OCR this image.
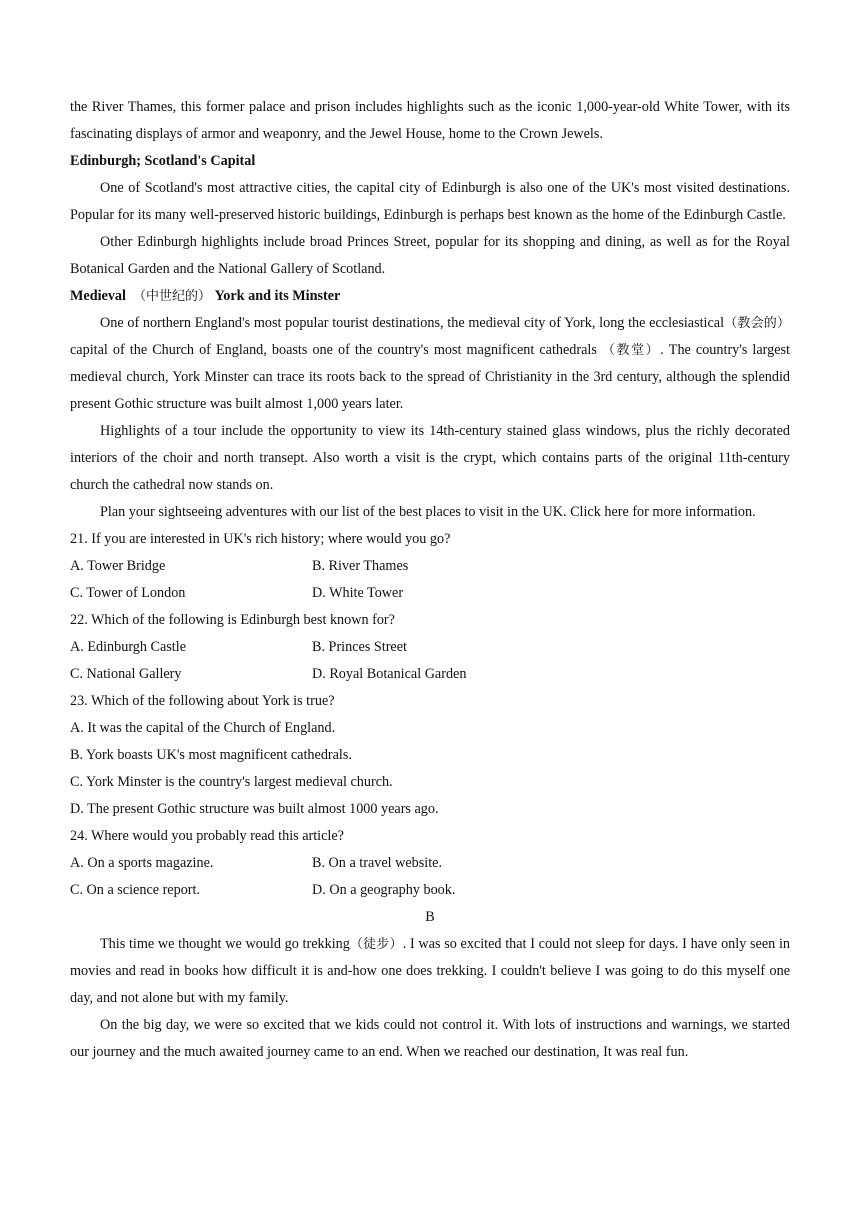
the River Thames, this former palace and prison includes highlights such as the iconic 1,000-year-old White Tower, with its fascinating displays of armor and weaponry, and the Jewel House, home to the Crown Jewels.

Edinburgh; Scotland's Capital

One of Scotland's most attractive cities, the capital city of Edinburgh is also one of the UK's most visited destinations. Popular for its many well-preserved historic buildings, Edinburgh is perhaps best known as the home of the Edinburgh Castle.

Other Edinburgh highlights include broad Princes Street, popular for its shopping and dining, as well as for the Royal Botanical Garden and the National Gallery of Scotland.

Medieval （中世纪的） York and its Minster

One of northern England's most popular tourist destinations, the medieval city of York, long the ecclesiastical（教会的） capital of the Church of England, boasts one of the country's most magnificent cathedrals （教堂）. The country's largest medieval church, York Minster can trace its roots back to the spread of Christianity in the 3rd century, although the splendid present Gothic structure was built almost 1,000 years later.

Highlights of a tour include the opportunity to view its 14th-century stained glass windows, plus the richly decorated interiors of the choir and north transept. Also worth a visit is the crypt, which contains parts of the original 11th-century church the cathedral now stands on.

Plan your sightseeing adventures with our list of the best places to visit in the UK. Click here for more information.

21. If you are interested in UK's rich history; where would you go?

A. Tower Bridge	B. River Thames
C. Tower of London	D. White Tower

22. Which of the following is Edinburgh best known for?

A. Edinburgh Castle	B. Princes Street
C. National Gallery	D. Royal Botanical Garden

23. Which of the following about York is true?

A. It was the capital of the Church of England.

B. York boasts UK's most magnificent cathedrals.

C. York Minster is the country's largest medieval church.

D. The present Gothic structure was built almost 1000 years ago.

24. Where would you probably read this article?

A. On a sports magazine.	B. On a travel website.
C. On a science report.	D. On a geography book.

B

This time we thought we would go trekking（徒步）. I was so excited that I could not sleep for days. I have only seen in movies and read in books how difficult it is and-how one does trekking. I couldn't believe I was going to do this myself one day, and not alone but with my family.

On the big day, we were so excited that we kids could not control it. With lots of instructions and warnings, we started our journey and the much awaited journey came to an end. When we reached our destination, It was real fun.
